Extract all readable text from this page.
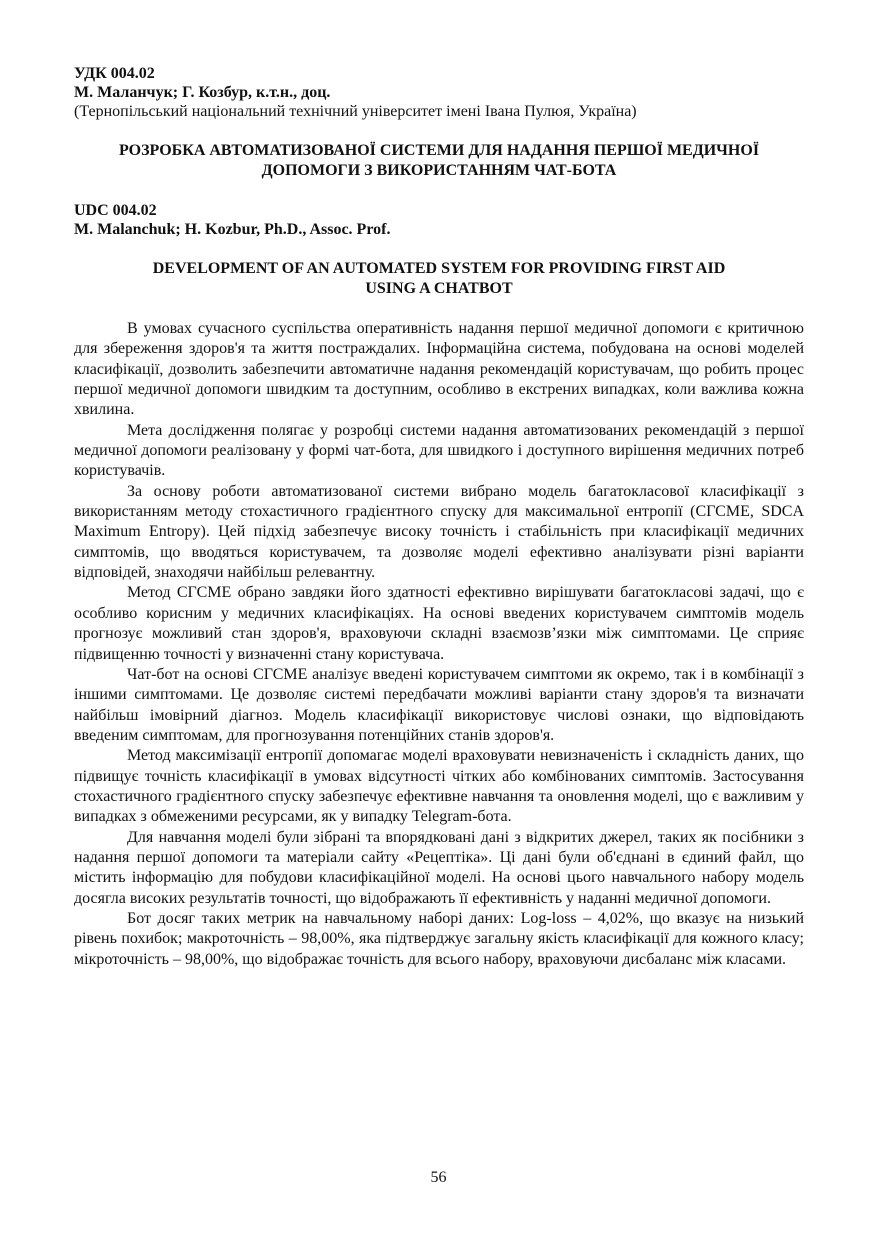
УДК 004.02

М. Маланчук; Г. Козбур, к.т.н., доц.

(Тернопільський національний технічний університет імені Івана Пулюя, Україна)

РОЗРОБКА АВТОМАТИЗОВАНОЇ СИСТЕМИ ДЛЯ НАДАННЯ ПЕРШОЇ МЕДИЧНОЇ

ДОПОМОГИ З ВИКОРИСТАННЯМ ЧАТ-БОТА

UDC 004.02

M. Malanchuk; H. Kozbur, Ph.D., Assoc. Prof.

DEVELOPMENT OF AN AUTOMATED SYSTEM FOR PROVIDING FIRST AID

USING A CHATBOT

В умовах сучасного суспільства оперативність надання першої медичної допомоги є критичною для збереження здоров'я та життя постраждалих. Інформаційна система, побудована на основі моделей класифікації, дозволить забезпечити автоматичне надання рекомендацій користувачам, що робить процес першої медичної допомоги швидким та доступним, особливо в екстрених випадках, коли важлива кожна хвилина.

Мета дослідження полягає у розробці системи надання автоматизованих рекомендацій з першої медичної допомоги реалізовану у формі чат-бота, для швидкого і доступного вирішення медичних потреб користувачів.

За основу роботи автоматизованої системи вибрано модель багатокласової класифікації з використанням методу стохастичного градієнтного спуску для максимальної ентропії (СГСМЕ, SDCA Maximum Entropy). Цей підхід забезпечує високу точність і стабільність при класифікації медичних симптомів, що вводяться користувачем, та дозволяє моделі ефективно аналізувати різні варіанти відповідей, знаходячи найбільш релевантну.

Метод СГСМЕ обрано завдяки його здатності ефективно вирішувати багатокласові задачі, що є особливо корисним у медичних класифікаціях. На основі введених користувачем симптомів модель прогнозує можливий стан здоров'я, враховуючи складні взаємозв’язки між симптомами. Це сприяє підвищенню точності у визначенні стану користувача.

Чат-бот на основі СГСМЕ аналізує введені користувачем симптоми як окремо, так і в комбінації з іншими симптомами. Це дозволяє системі передбачати можливі варіанти стану здоров'я та визначати найбільш імовірний діагноз. Модель класифікації використовує числові ознаки, що відповідають введеним симптомам, для прогнозування потенційних станів здоров'я.

Метод максимізації ентропії допомагає моделі враховувати невизначеність і складність даних, що підвищує точність класифікації в умовах відсутності чітких або комбінованих симптомів. Застосування стохастичного градієнтного спуску забезпечує ефективне навчання та оновлення моделі, що є важливим у випадках з обмеженими ресурсами, як у випадку Telegram-бота.

Для навчання моделі були зібрані та впорядковані дані з відкритих джерел, таких як посібники з надання першої допомоги та матеріали сайту «Рецептіка». Ці дані були об'єднані в єдиний файл, що містить інформацію для побудови класифікаційної моделі. На основі цього навчального набору модель досягла високих результатів точності, що відображають її ефективність у наданні медичної допомоги.

Бот досяг таких метрик на навчальному наборі даних: Log-loss – 4,02%, що вказує на низький рівень похибок; макроточність – 98,00%, яка підтверджує загальну якість класифікації для кожного класу; мікроточність – 98,00%, що відображає точність для всього набору, враховуючи дисбаланс між класами.

56
